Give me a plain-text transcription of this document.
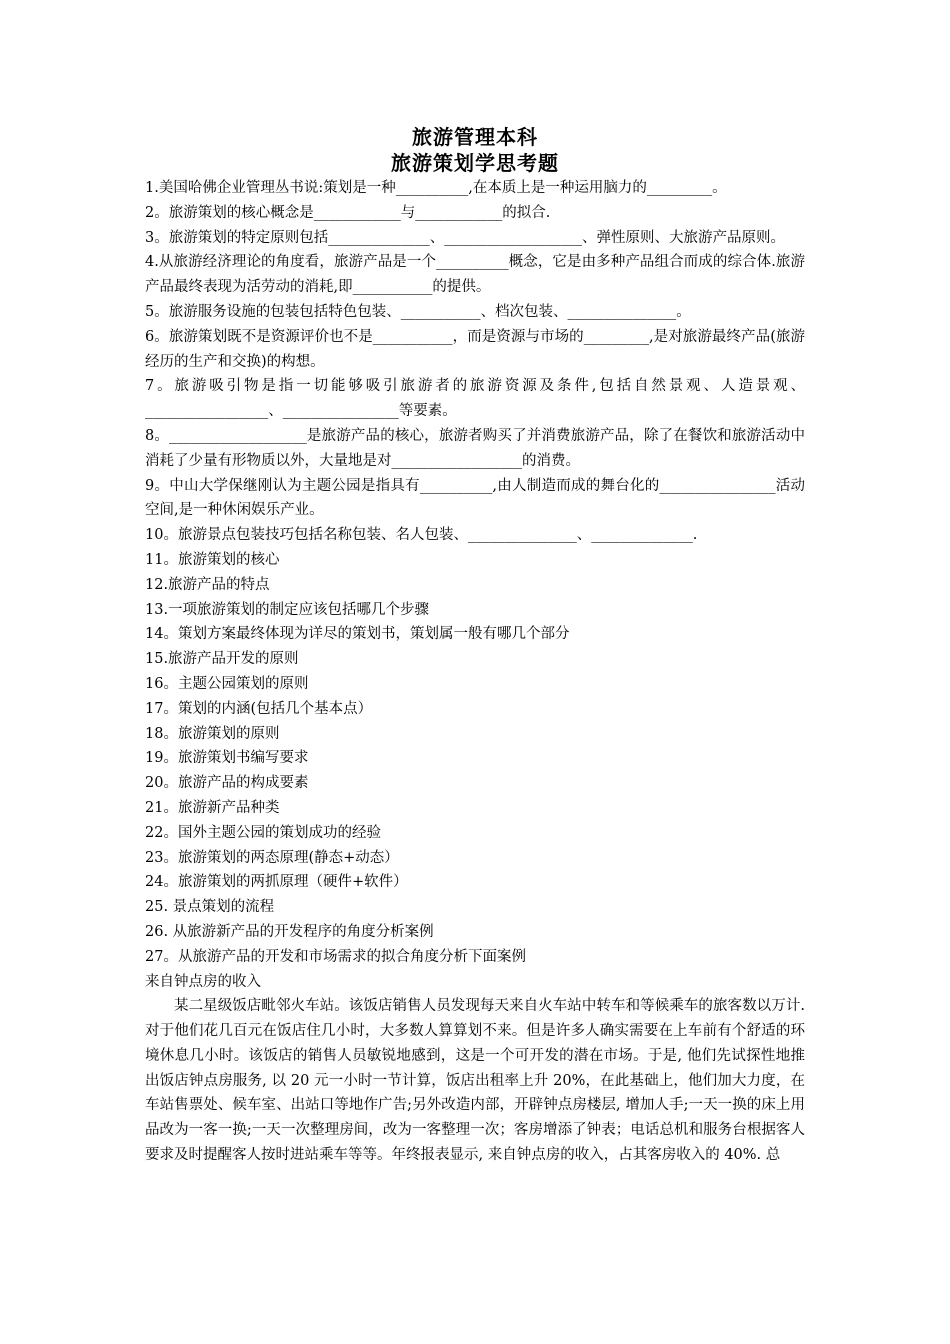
旅游管理本科
旅游策划学思考题

1.美国哈佛企业管理丛书说:策划是一种__________,在本质上是一种运用脑力的_________。

2。旅游策划的核心概念是____________与____________的拟合.

3。旅游策划的特定原则包括______________、___________________、弹性原则、大旅游产品原则。

4.从旅游经济理论的角度看，旅游产品是一个__________概念，它是由多种产品组合而成的综合体.旅游产品最终表现为活劳动的消耗,即___________的提供。

5。旅游服务设施的包装包括特色包装、___________、档次包装、_______________。

6。旅游策划既不是资源评价也不是___________，而是资源与市场的_________,是对旅游最终产品(旅游经历的生产和交换)的构想。

7。旅游吸引物是指一切能够吸引旅游者的旅游资源及条件,包括自然景观、人造景观、_________________、________________等要素。

8。___________________是旅游产品的核心，旅游者购买了并消费旅游产品，除了在餐饮和旅游活动中消耗了少量有形物质以外，大量地是对__________________的消费。

9。中山大学保继刚认为主题公园是指具有__________,由人制造而成的舞台化的________________活动空间,是一种休闲娱乐产业。

10。旅游景点包装技巧包括名称包装、名人包装、_______________、______________.

11。旅游策划的核心

12.旅游产品的特点

13.一项旅游策划的制定应该包括哪几个步骤

14。策划方案最终体现为详尽的策划书，策划属一般有哪几个部分

15.旅游产品开发的原则

16。主题公园策划的原则

17。策划的内涵(包括几个基本点）

18。旅游策划的原则

19。旅游策划书编写要求

20。旅游产品的构成要素

21。旅游新产品种类

22。国外主题公园的策划成功的经验

23。旅游策划的两态原理(静态+动态）

24。旅游策划的两抓原理（硬件+软件）

25. 景点策划的流程

26. 从旅游新产品的开发程序的角度分析案例

27。从旅游产品的开发和市场需求的拟合角度分析下面案例

来自钟点房的收入

某二星级饭店毗邻火车站。该饭店销售人员发现每天来自火车站中转车和等候乘车的旅客数以万计. 对于他们花几百元在饭店住几小时，大多数人算算划不来。但是许多人确实需要在上车前有个舒适的环境休息几小时。该饭店的销售人员敏锐地感到，这是一个可开发的潜在市场。于是, 他们先试探性地推出饭店钟点房服务, 以 20 元一小时一节计算，饭店出租率上升 20%，在此基础上，他们加大力度，在车站售票处、候车室、出站口等地作广告;另外改造内部，开辟钟点房楼层, 增加人手;一天一换的床上用品改为一客一换;一天一次整理房间，改为一客整理一次；客房增添了钟表；电话总机和服务台根据客人要求及时提醒客人按时进站乘车等等。年终报表显示, 来自钟点房的收入，占其客房收入的 40%. 总
